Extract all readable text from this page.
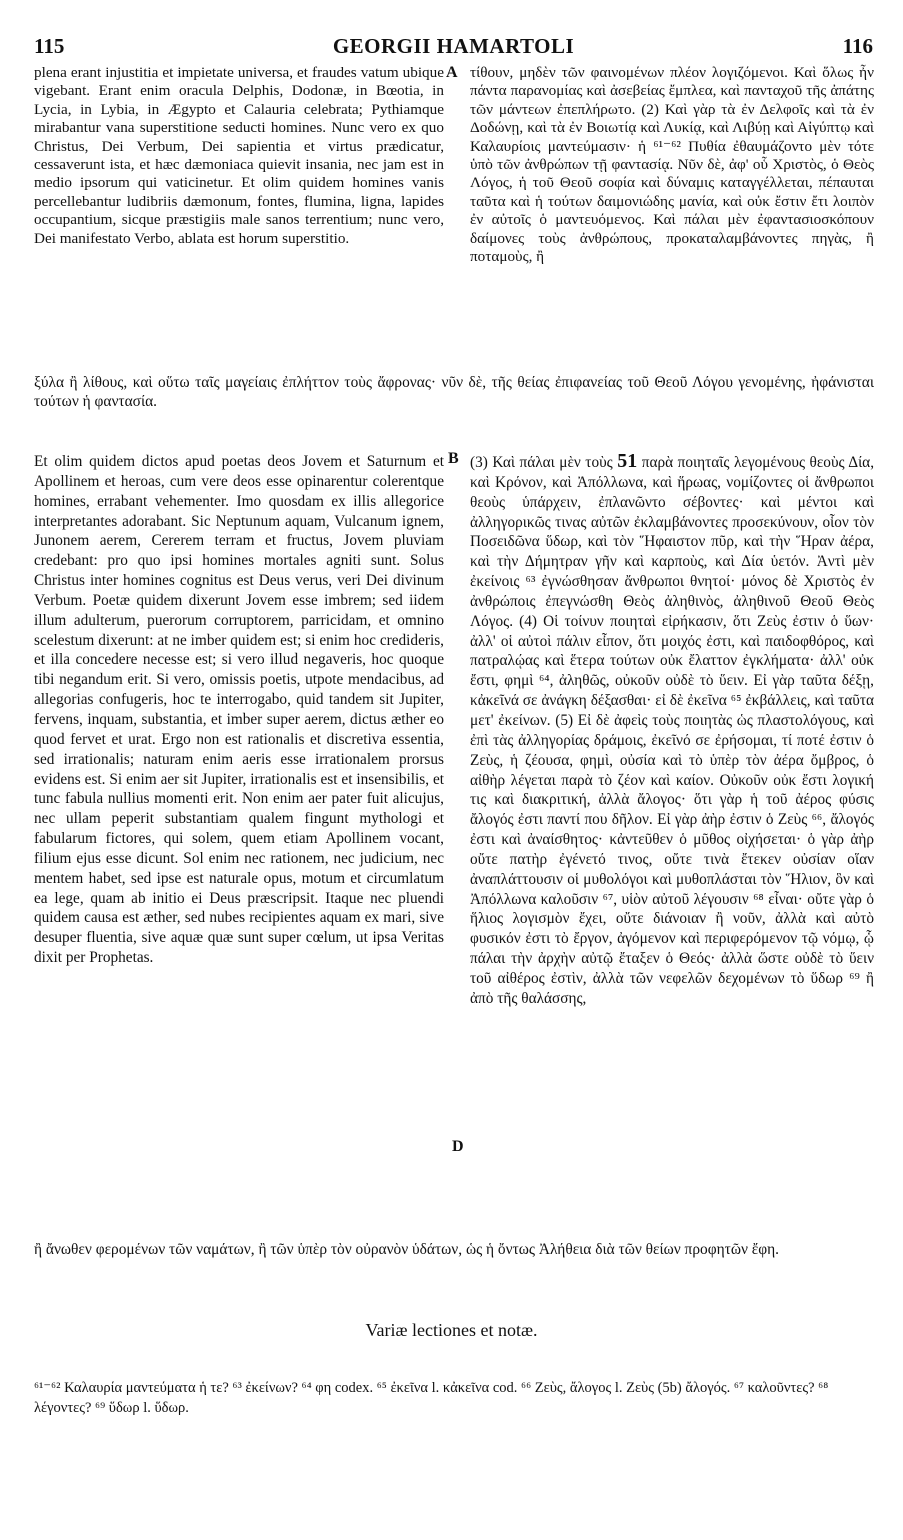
115	GEORGII HAMARTOLI	116

plena erant injustitia et impietate universa, et fraudes vatum ubique vigebant. Erant enim oracula Delphis, Dodonæ, in Bœotia, in Lycia, in Lybia, in Ægypto et Calauria celebrata; Pythiamque mirabantur vana superstitione seducti homines. Nunc vero ex quo Christus, Dei Verbum, Dei sapientia et virtus prædicatur, cessaverunt ista, et hæc dæmoniaca quievit insania, nec jam est in medio ipsorum qui vaticinetur. Et olim quidem homines vanis percellebantur ludibriis dæmonum, fontes, flumina, ligna, lapides occupantium, sicque præstigiis male sanos terrentium; nunc vero, Dei manifestato Verbo, ablata est horum superstitio.

A τίθουν, μηδὲν τῶν φαινομένων πλέον λογιζόμενοι. Καὶ ὅλως ἦν πάντα παρανομίας καὶ ἀσεβείας ἔμπλεα, καὶ πανταχοῦ τῆς ἀπάτης τῶν μάντεων ἐπεπλήρωτο. (2) Καὶ γὰρ τὰ ἐν Δελφοῖς καὶ τὰ ἐν Δοδώνῃ, καὶ τὰ ἐν Βοιωτίᾳ καὶ Λυκίᾳ, καὶ Λιβύῃ καὶ Αἰγύπτῳ καὶ Καλαυρίοις μαντεύμασιν· ἡ ⁶¹⁻⁶² Πυθία ἐθαυμάζοντο μὲν τότε ὑπὸ τῶν ἀνθρώπων τῇ φαντασίᾳ. Νῦν δὲ, ἀφ' οὗ Χριστὸς, ὁ Θεὸς Λόγος, ἡ τοῦ Θεοῦ σοφία καὶ δύναμις καταγγέλλεται, πέπαυται ταῦτα καὶ ἡ τούτων δαιμονιώδης μανία, καὶ οὐκ ἔστιν ἔτι λοιπὸν ἐν αὐτοῖς ὁ μαντευόμενος. Καὶ πάλαι μὲν ἐφαντασιοσκόπουν δαίμονες τοὺς ἀνθρώπους, προκαταλαμβάνοντες πηγὰς, ἢ ποταμοὺς, ἢ

ξύλα ἢ λίθους, καὶ οὕτω ταῖς μαγείαις ἐπλήττον τοὺς ἄφρονας· νῦν δὲ, τῆς θείας ἐπιφανείας τοῦ Θεοῦ Λόγου γενομένης, ἠφάνισται τούτων ἡ φαντασία.

Et olim quidem dictos apud poetas deos Jovem et Saturnum et Apollinem et heroas, cum vere deos esse opinarentur colerentque homines, errabant vehementer. Imo quosdam ex illis allegorice interpretantes adorabant. Sic Neptunum aquam, Vulcanum ignem, Junonem aerem, Cererem terram et fructus, Jovem pluviam credebant: pro quo ipsi homines mortales agniti sunt. Solus Christus inter homines cognitus est Deus verus, veri Dei divinum Verbum. Poetæ quidem dixerunt Jovem esse imbrem; sed iidem illum adulterum, puerorum corruptorem, parricidam, et omnino scelestum dixerunt: at ne imber quidem est; si enim hoc credideris, et illa concedere necesse est; si vero illud negaveris, hoc quoque tibi negandum erit. Si vero, omissis poetis, utpote mendacibus, ad allegorias confugeris, hoc te interrogabo, quid tandem sit Jupiter, fervens, inquam, substantia, et imber super aerem, dictus æther eo quod fervet et urat. Ergo non est rationalis et discretiva essentia, sed irrationalis; naturam enim aeris esse irrationalem prorsus evidens est. Si enim aer sit Jupiter, irrationalis est et insensibilis, et tunc fabula nullius momenti erit. Non enim aer pater fuit alicujus, nec ullam peperit substantiam qualem fingunt mythologi et fabularum fictores, qui solem, quem etiam Apollinem vocant, filium ejus esse dicunt. Sol enim nec rationem, nec judicium, nec mentem habet, sed ipse est naturale opus, motum et circumlatum ea lege, quam ab initio ei Deus præscripsit. Itaque nec pluendi quidem causa est æther, sed nubes recipientes aquam ex mari, sive desuper fluentia, sive aquæ quæ sunt super cœlum, ut ipsa Veritas dixit per Prophetas.

B
D

(3) Καὶ πάλαι μὲν τοὺς 51 παρὰ ποιηταῖς λεγομένους θεοὺς Δία, καὶ Κρόνον, καὶ Ἀπόλλωνα, καὶ ἥρωας, νομίζοντες οἱ ἄνθρωποι θεοὺς ὑπάρχειν, ἐπλανῶντο σέβοντες· καὶ μέντοι καὶ ἀλληγορικῶς τινας αὐτῶν ἐκλαμβάνοντες προσεκύνουν, οἷον τὸν Ποσειδῶνα ὕδωρ, καὶ τὸν Ἥφαιστον πῦρ, καὶ τὴν Ἥραν ἀέρα, καὶ τὴν Δήμητραν γῆν καὶ καρποὺς, καὶ Δία ὑετόν. Ἀντὶ μὲν ἐκείνοις ⁶³ ἐγνώσθησαν ἄνθρωποι θνητοί· μόνος δὲ Χριστὸς ἐν ἀνθρώποις ἐπεγνώσθη Θεὸς ἀληθινὸς, ἀληθινοῦ Θεοῦ Θεὸς Λόγος. (4) Οἱ τοίνυν ποιηταὶ εἰρήκασιν, ὅτι Ζεὺς ἐστιν ὁ ὕων· ἀλλ' οἱ αὐτοὶ πάλιν εἶπον, ὅτι μοιχός ἐστι, καὶ παιδοφθόρος, καὶ πατραλῴας καὶ ἕτερα τούτων οὐκ ἔλαττον ἐγκλήματα· ἀλλ' οὐκ ἔστι, φημὶ ⁶⁴, ἀληθῶς, οὐκοῦν οὐδὲ τὸ ὕειν. Εἰ γὰρ ταῦτα δέξῃ, κἀκεῖνά σε ἀνάγκη δέξασθαι· εἰ δὲ ἐκεῖνα ⁶⁵ ἐκβάλλεις, καὶ ταῦτα μετ' ἐκείνων. (5) Εἰ δὲ ἀφεὶς τοὺς ποιητὰς ὡς πλαστολόγους, καὶ ἐπὶ τὰς ἀλληγορίας δράμοις, ἐκεῖνό σε ἐρήσομαι, τί ποτέ ἐστιν ὁ Ζεὺς, ἡ ζέουσα, φημὶ, οὐσία καὶ τὸ ὑπὲρ τὸν ἀέρα ὄμβρος, ὁ αἰθὴρ λέγεται παρὰ τὸ ζέον καὶ καίον. Οὐκοῦν οὐκ ἔστι λογική τις καὶ διακριτική, ἀλλὰ ἄλογος· ὅτι γὰρ ἡ τοῦ ἀέρος φύσις ἄλογός ἐστι παντί που δῆλον. Εἰ γὰρ ἀὴρ ἐστιν ὁ Ζεὺς ⁶⁶, ἄλογός ἐστι καὶ ἀναίσθητος· κἀντεῦθεν ὁ μῦθος οἰχήσεται· ὁ γὰρ ἀὴρ οὔτε πατὴρ ἐγένετό τινος, οὔτε τινὰ ἔτεκεν οὐσίαν οἵαν ἀναπλάττουσιν οἱ μυθολόγοι καὶ μυθοπλάσται τὸν Ἥλιον, ὃν καὶ Ἀπόλλωνα καλοῦσιν ⁶⁷, υἱὸν αὐτοῦ λέγουσιν ⁶⁸ εἶναι· οὔτε γὰρ ὁ ἥλιος λογισμὸν ἔχει, οὔτε διάνοιαν ἢ νοῦν, ἀλλὰ καὶ αὐτὸ φυσικόν ἐστι τὸ ἔργον, ἀγόμενον καὶ περιφερόμενον τῷ νόμῳ, ᾧ πάλαι τὴν ἀρχὴν αὐτῷ ἔταξεν ὁ Θεός· ἀλλὰ ὥστε οὐδὲ τὸ ὕειν τοῦ αἰθέρος ἐστὶν, ἀλλὰ τῶν νεφελῶν δεχομένων τὸ ὕδωρ ⁶⁹ ἢ ἀπὸ τῆς θαλάσσης,

ἢ ἄνωθεν φερομένων τῶν ναμάτων, ἢ τῶν ὑπὲρ τὸν οὐρανὸν ὑδάτων, ὡς ἡ ὄντως Ἀλήθεια διὰ τῶν θείων προφητῶν ἔφη.

Variæ lectiones et notæ.

⁶¹⁻⁶² Καλαυρία μαντεύματα ἡ τε? ⁶³ ἐκείνων? ⁶⁴ φη codex. ⁶⁵ ἐκεῖνα l. κἀκεῖνα cod. ⁶⁶ Ζεὺς, ἄλογος l. Ζεὺς (5b) ἄλογός. ⁶⁷ καλοῦντες? ⁶⁸ λέγοντες? ⁶⁹ ὕδωρ l. ὕδωρ.
